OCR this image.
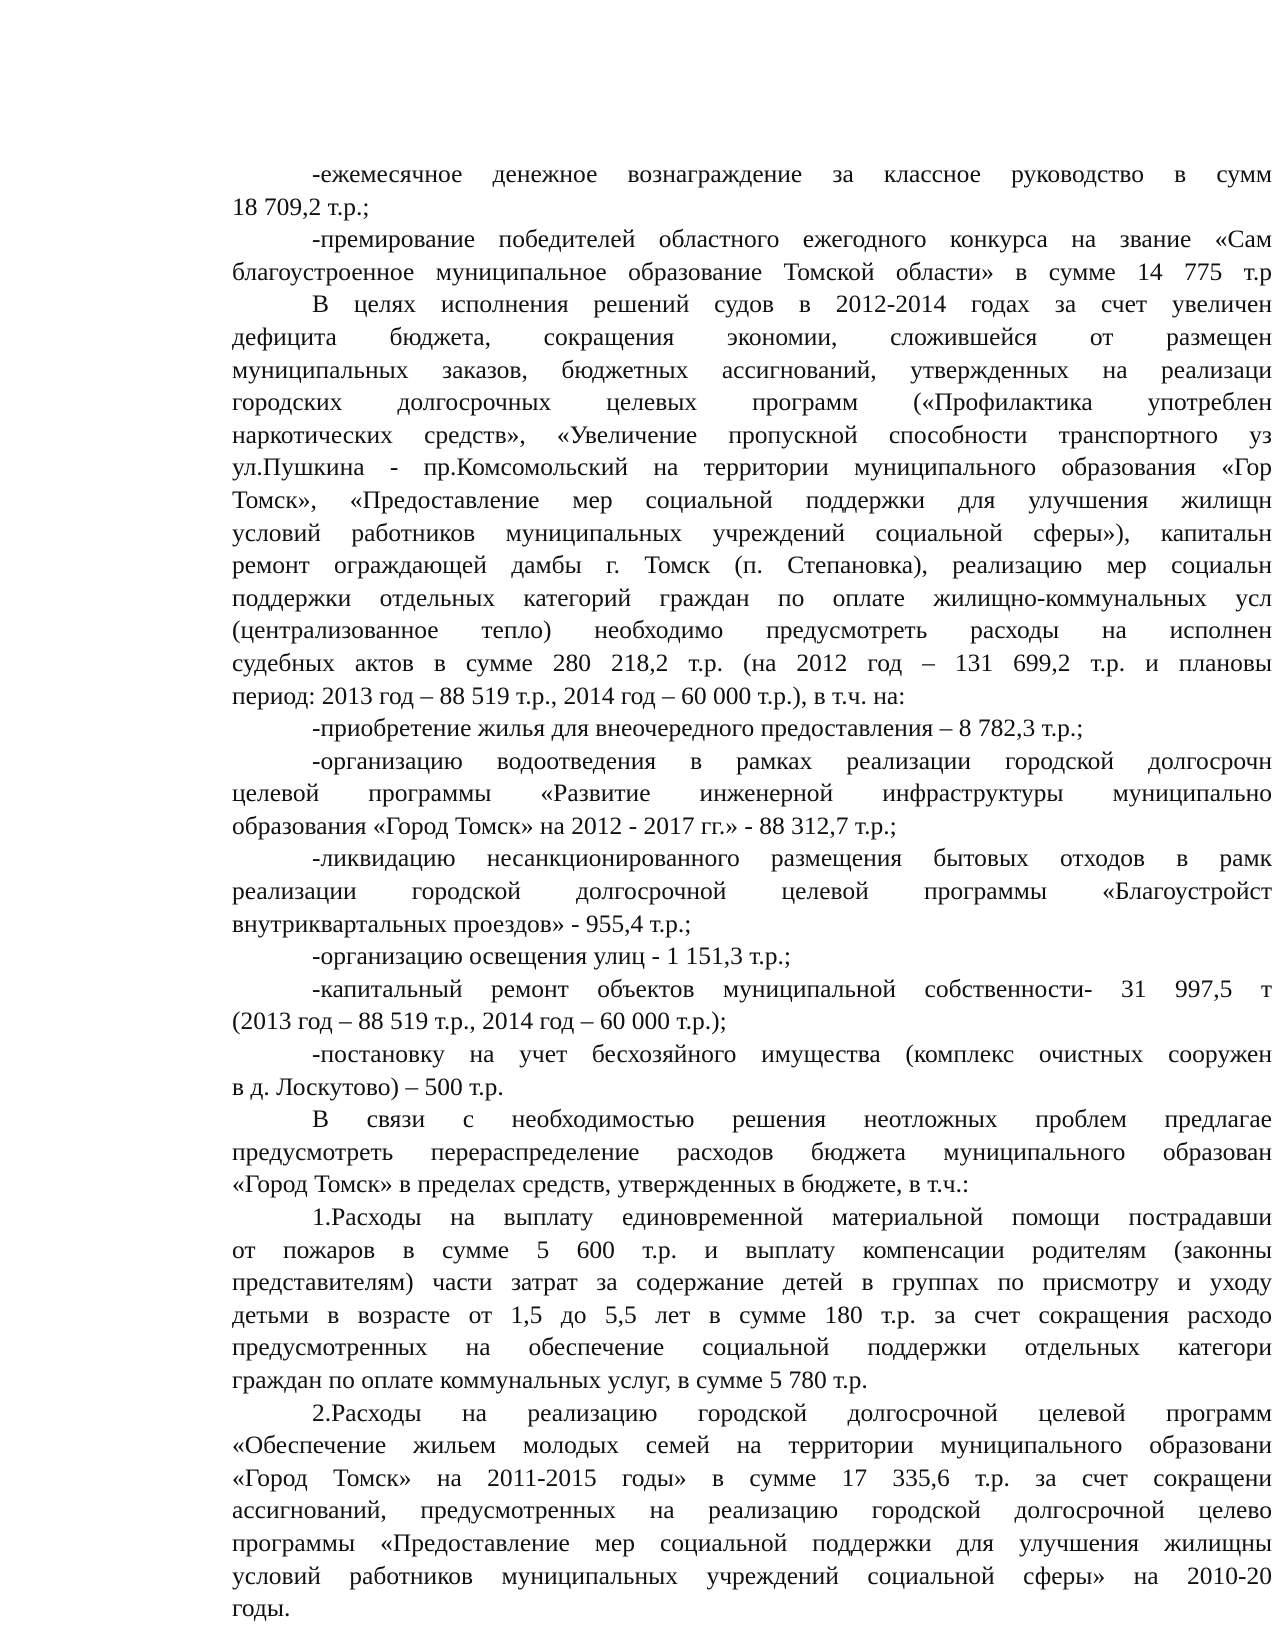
-ежемесячное денежное вознаграждение за классное руководство в сумм
18 709,2 т.р.;
-премирование победителей областного ежегодного конкурса на звание «Сам
благоустроенное муниципальное образование Томской области» в сумме 14 775 т.р
В целях исполнения решений судов в 2012-2014 годах за счет увеличен
дефицита бюджета, сокращения экономии, сложившейся от размещен
муниципальных заказов, бюджетных ассигнований, утвержденных на реализаци
городских долгосрочных целевых программ («Профилактика употреблен
наркотических средств», «Увеличение пропускной способности транспортного уз
ул.Пушкина - пр.Комсомольский на территории муниципального образования «Гор
Томск», «Предоставление мер социальной поддержки для улучшения жилищн
условий работников муниципальных учреждений социальной сферы»), капитальн
ремонт ограждающей дамбы г. Томск (п. Степановка), реализацию мер социальн
поддержки отдельных категорий граждан по оплате жилищно-коммунальных усл
(централизованное тепло) необходимо предусмотреть расходы на исполнен
судебных актов в сумме 280 218,2 т.р. (на 2012 год – 131 699,2 т.р. и плановы
период: 2013 год – 88 519 т.р., 2014 год – 60 000 т.р.), в т.ч. на:
-приобретение жилья для внеочередного предоставления – 8 782,3 т.р.;
-организацию водоотведения в рамках реализации городской долгосрочн
целевой программы «Развитие инженерной инфраструктуры муниципально
образования «Город Томск» на 2012 - 2017 гг.» - 88 312,7 т.р.;
-ликвидацию несанкционированного размещения бытовых отходов в рамк
реализации городской долгосрочной целевой программы «Благоустройст
внутриквартальных проездов» - 955,4 т.р.;
-организацию освещения улиц - 1 151,3 т.р.;
-капитальный ремонт объектов муниципальной собственности- 31 997,5 т
(2013 год – 88 519 т.р., 2014 год – 60 000 т.р.);
-постановку на учет бесхозяйного имущества (комплекс очистных сооружен
в д. Лоскутово) – 500 т.р.
В связи с необходимостью решения неотложных проблем предлагае
предусмотреть перераспределение расходов бюджета муниципального образован
«Город Томск» в пределах средств, утвержденных в бюджете, в т.ч.:
1.Расходы на выплату единовременной материальной помощи пострадавши
от пожаров в сумме 5 600 т.р. и выплату компенсации родителям (законны
представителям) части затрат за содержание детей в группах по присмотру и уходу
детьми в возрасте от 1,5 до 5,5 лет в сумме 180 т.р. за счет сокращения расходо
предусмотренных на обеспечение социальной поддержки отдельных категори
граждан по оплате коммунальных услуг, в сумме 5 780 т.р.
2.Расходы на реализацию городской долгосрочной целевой программ
«Обеспечение жильем молодых семей на территории муниципального образовани
«Город Томск» на 2011-2015 годы» в сумме 17 335,6 т.р. за счет сокращени
ассигнований, предусмотренных на реализацию городской долгосрочной целево
программы «Предоставление мер социальной поддержки для улучшения жилищны
условий работников муниципальных учреждений социальной сферы» на 2010-20
годы.
